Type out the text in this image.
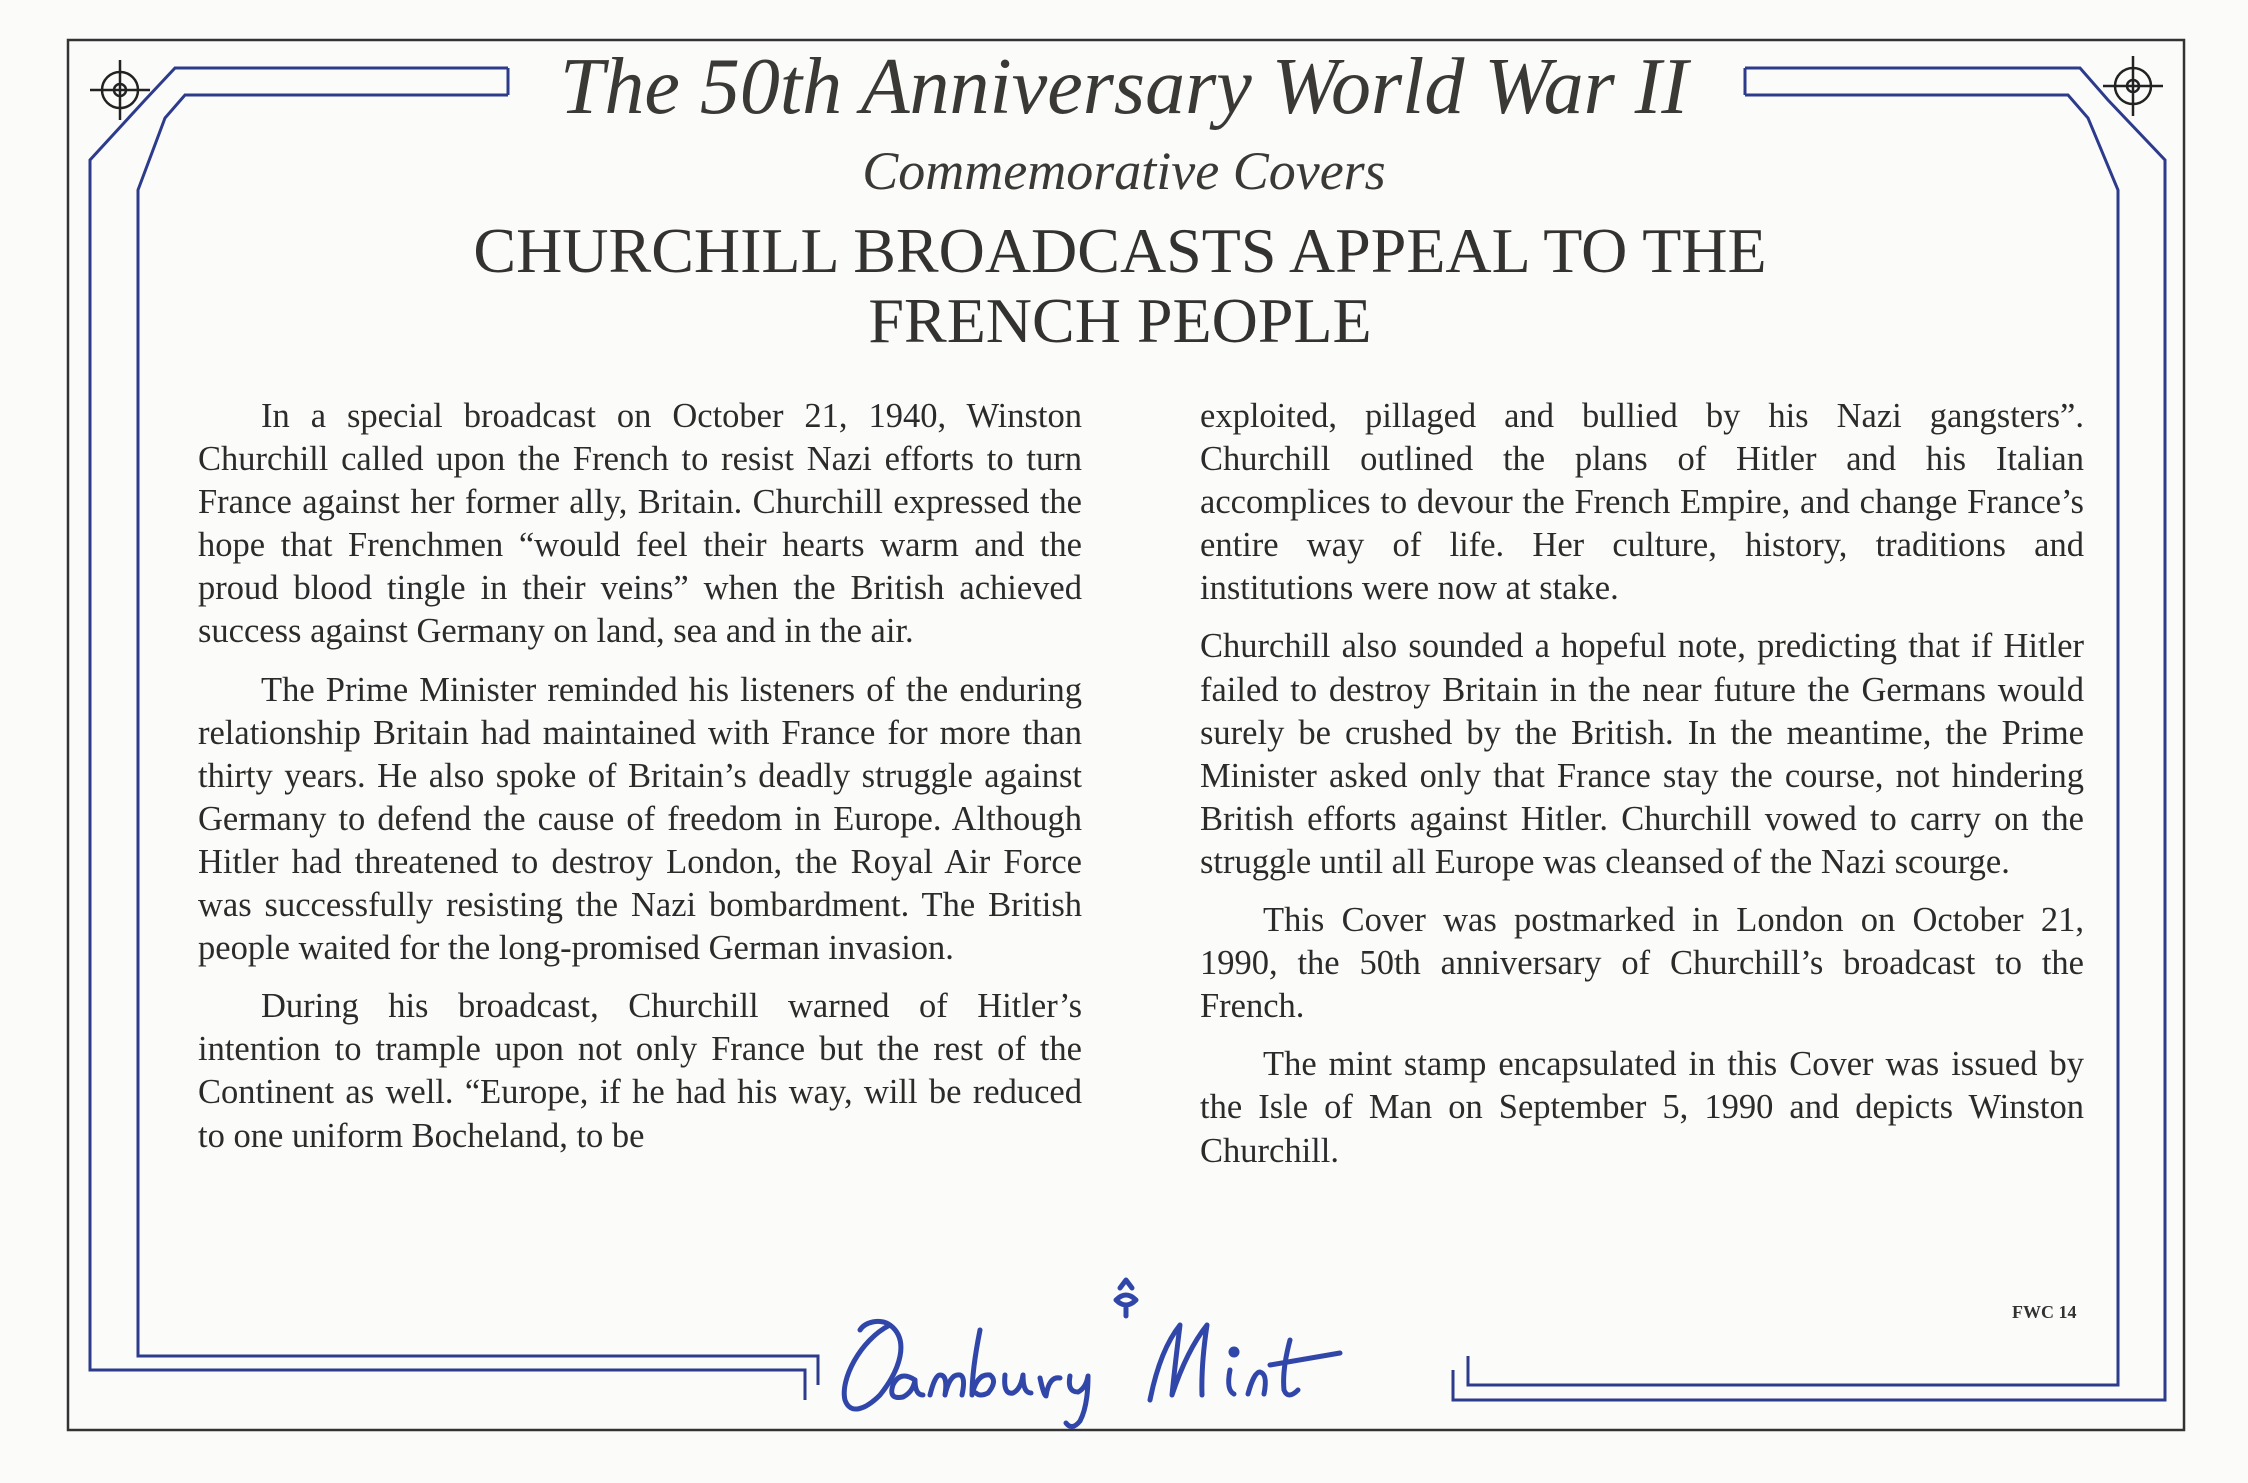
The 50th Anniversary World War II
Commemorative Covers
CHURCHILL BROADCASTS APPEAL TO THE
FRENCH PEOPLE

In a special broadcast on October 21, 1940, Winston Churchill called upon the French to resist Nazi efforts to turn France against her former ally, Britain. Churchill expressed the hope that Frenchmen “would feel their hearts warm and the proud blood tingle in their veins” when the British achieved success against Germany on land, sea and in the air.

The Prime Minister reminded his listeners of the enduring relationship Britain had maintained with France for more than thirty years. He also spoke of Britain’s deadly struggle against Germany to defend the cause of freedom in Europe. Although Hitler had threatened to destroy London, the Royal Air Force was successfully resisting the Nazi bombardment. The British people waited for the long-promised German invasion.

During his broadcast, Churchill warned of Hitler’s intention to trample upon not only France but the rest of the Continent as well. “Europe, if he had his way, will be reduced to one uniform Bocheland, to be

exploited, pillaged and bullied by his Nazi gangsters”. Churchill outlined the plans of Hitler and his Italian accomplices to devour the French Empire, and change France’s entire way of life. Her culture, history, traditions and institutions were now at stake.

Churchill also sounded a hopeful note, predicting that if Hitler failed to destroy Britain in the near future the Germans would surely be crushed by the British. In the meantime, the Prime Minister asked only that France stay the course, not hindering British efforts against Hitler. Churchill vowed to carry on the struggle until all Europe was cleansed of the Nazi scourge.

This Cover was postmarked in London on October 21, 1990, the 50th anniversary of Churchill’s broadcast to the French.

The mint stamp encapsulated in this Cover was issued by the Isle of Man on September 5, 1990 and depicts Winston Churchill.

FWC 14
